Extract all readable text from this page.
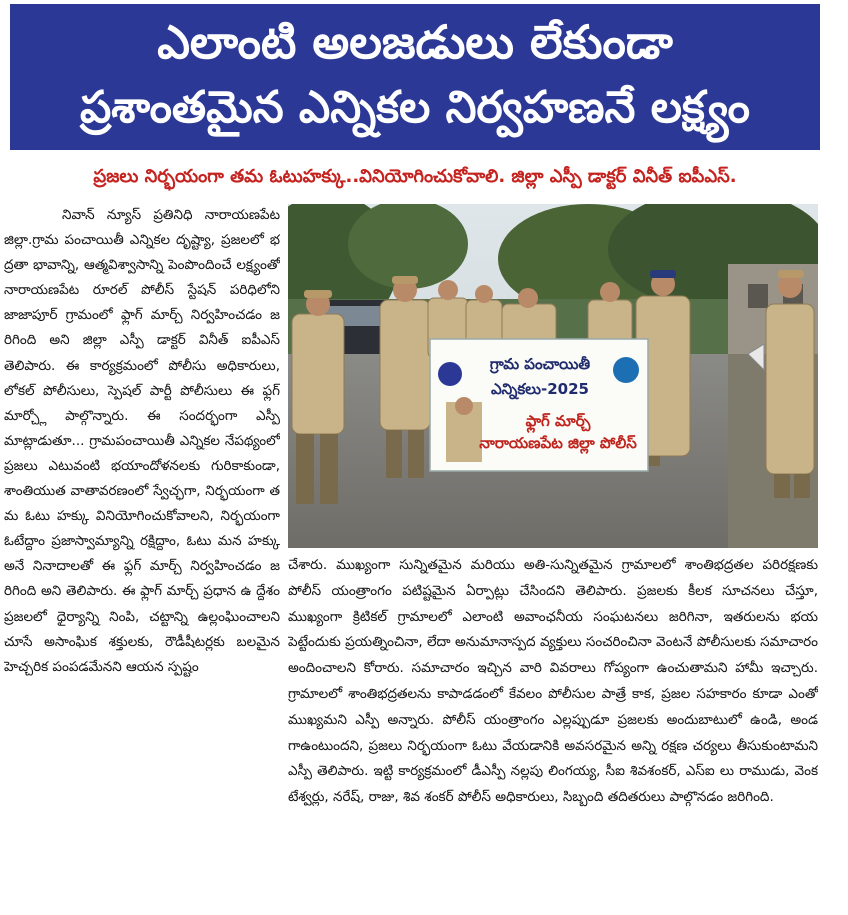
ఎలాంటి అలజడులు లేకుండా
ప్రశాంతమైన ఎన్నికల నిర్వహణనే లక్ష్యం
ప్రజలు నిర్భయంగా తమ ఓటుహక్కు..వినియోగించుకోవాలి. జిల్లా ఎస్పీ డాక్టర్ వినీత్ ఐపీఎస్.

నివాన్ న్యూస్ ప్రతినిధి నారాయణపేట జిల్లా.గ్రామ పంచాయితీ ఎన్నికల దృష్ట్యా, ప్రజలలో భద్రతా భావాన్ని, ఆత్మవిశ్వాసాన్ని పెంపొందించే లక్ష్యంతో నారాయణపేట రూరల్ పోలీస్ స్టేషన్ పరిధిలోని జాజాపూర్ గ్రామంలో ఫ్లాగ్ మార్చ్ నిర్వహించడం జరిగింది అని జిల్లా ఎస్పీ డాక్టర్ వినీత్ ఐపీఎస్ తెలిపారు. ఈ కార్యక్రమంలో పోలీసు అధికారులు, లోకల్ పోలీసులు, స్పెషల్ పార్టీ పోలీసులు ఈ ఫ్లగ్ మార్చ్లో పాల్గొన్నారు. ఈ సందర్భంగా ఎస్పీ మాట్లాడుతూ... గ్రామపంచాయితీ ఎన్నికల నేపథ్యంలో ప్రజలు ఎటువంటి భయాందోళనలకు గురికాకుండా, శాంతియుత వాతావరణంలో స్వేచ్ఛగా, నిర్భయంగా తమ ఓటు హక్కు వినియోగించుకోవాలని, నిర్భయంగా ఓటేద్దాం ప్రజాస్వామ్యాన్ని రక్షిద్దాం, ఓటు మన హక్కు అనే నినాదాలతో ఈ ఫ్లగ్ మార్చ్ నిర్వహించడం జరిగింది అని తెలిపారు. ఈ ఫ్లాగ్ మార్చ్ ప్రధాన ఉ ద్దేశం ప్రజలలో ధైర్యాన్ని నింపి, చట్టాన్ని ఉల్లంఘించాలని చూసే అసాంఘిక శక్తులకు, రౌడీషీటర్లకు బలమైన హెచ్చరిక పంపడమేనని ఆయన స్పష్టం

గ్రామ పంచాయితీ
ఎన్నికలు-2025
ఫ్లాగ్ మార్చ్
నారాయణపేట జిల్లా పోలీస్

చేశారు. ముఖ్యంగా సున్నితమైన మరియు అతి-సున్నితమైన గ్రామాలలో శాంతిభద్రతల పరిరక్షణకు పోలీస్ యంత్రాంగం పటిష్టమైన ఏర్పాట్లు చేసిందని తెలిపారు. ప్రజలకు కీలక సూచనలు చేస్తూ, ముఖ్యంగా క్రిటికల్ గ్రామాలలో ఎలాంటి అవాంఛనీయ సంఘటనలు జరిగినా, ఇతరులను భయపెట్టేందుకు ప్రయత్నించినా, లేదా అనుమానాస్పద వ్యక్తులు సంచరించినా వెంటనే పోలీసులకు సమాచారం అందించాలని కోరారు. సమాచారం ఇచ్చిన వారి వివరాలు గోప్యంగా ఉంచుతామని హామీ ఇచ్చారు. గ్రామాలలో శాంతిభద్రతలను కాపాడడంలో కేవలం పోలీసుల పాత్రే కాక, ప్రజల సహకారం కూడా ఎంతో ముఖ్యమని ఎస్పీ అన్నారు. పోలీస్ యంత్రాంగం ఎల్లప్పుడూ ప్రజలకు అందుబాటులో ఉండి, అండగాఉంటుందని, ప్రజలు నిర్భయంగా ఓటు వేయడానికి అవసరమైన అన్ని రక్షణ చర్యలు తీసుకుంటామని ఎస్పీ తెలిపారు. ఇట్టి కార్యక్రమంలో డీఎస్పీ నల్లపు లింగయ్య, సీఐ శివశంకర్, ఎస్ఐ లు రాముడు, వెంకటేశ్వర్లు, నరేష్, రాజు, శివ శంకర్ పోలీస్ అధికారులు, సిబ్బంది తదితరులు పాల్గొనడం జరిగింది.
